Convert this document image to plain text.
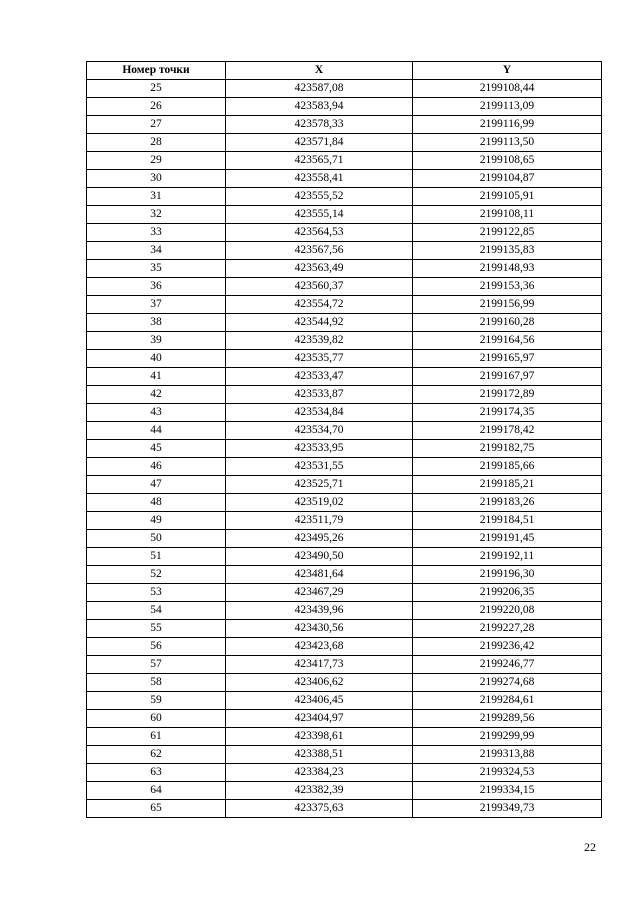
Номер точки	X	Y
25	423587,08	2199108,44
26	423583,94	2199113,09
27	423578,33	2199116,99
28	423571,84	2199113,50
29	423565,71	2199108,65
30	423558,41	2199104,87
31	423555,52	2199105,91
32	423555,14	2199108,11
33	423564,53	2199122,85
34	423567,56	2199135,83
35	423563,49	2199148,93
36	423560,37	2199153,36
37	423554,72	2199156,99
38	423544,92	2199160,28
39	423539,82	2199164,56
40	423535,77	2199165,97
41	423533,47	2199167,97
42	423533,87	2199172,89
43	423534,84	2199174,35
44	423534,70	2199178,42
45	423533,95	2199182,75
46	423531,55	2199185,66
47	423525,71	2199185,21
48	423519,02	2199183,26
49	423511,79	2199184,51
50	423495,26	2199191,45
51	423490,50	2199192,11
52	423481,64	2199196,30
53	423467,29	2199206,35
54	423439,96	2199220,08
55	423430,56	2199227,28
56	423423,68	2199236,42
57	423417,73	2199246,77
58	423406,62	2199274,68
59	423406,45	2199284,61
60	423404,97	2199289,56
61	423398,61	2199299,99
62	423388,51	2199313,88
63	423384,23	2199324,53
64	423382,39	2199334,15
65	423375,63	2199349,73
22
